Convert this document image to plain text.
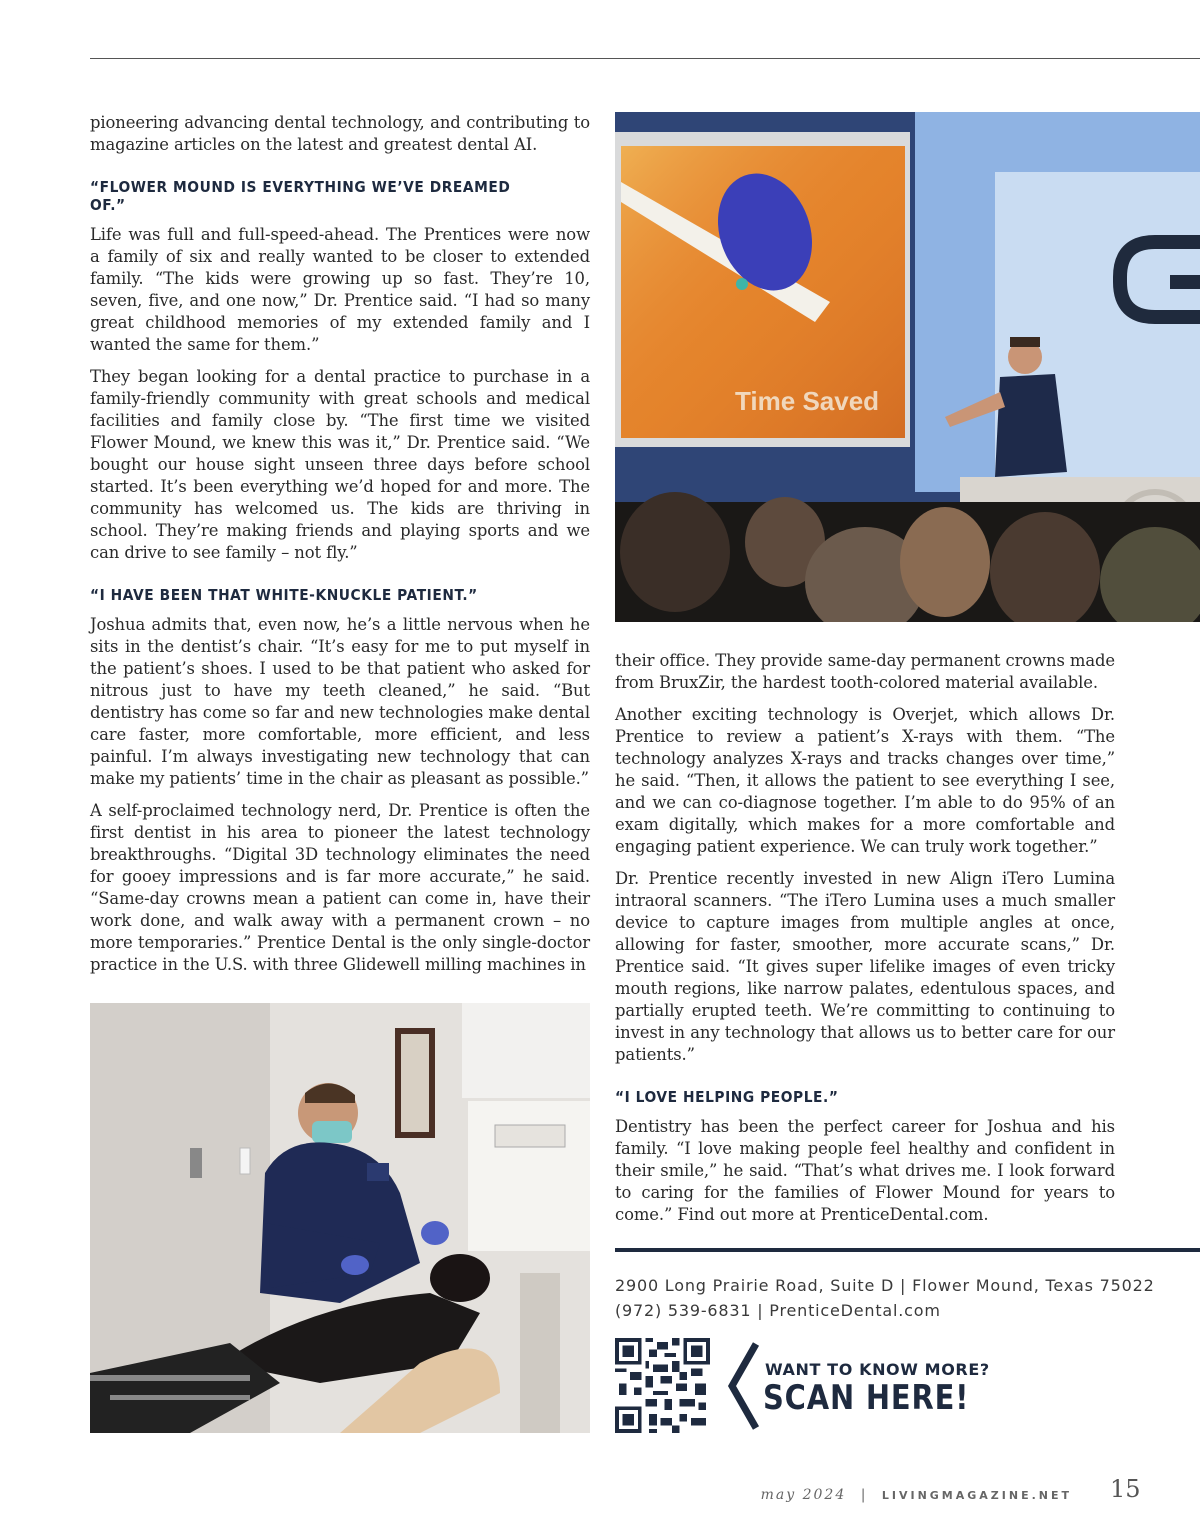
pioneering advancing dental technology, and contributing to magazine articles on the latest and greatest dental AI.

“FLOWER MOUND IS EVERYTHING WE’VE DREAMED OF.”

Life was full and full-speed-ahead. The Prentices were now a family of six and really wanted to be closer to extended family. “The kids were growing up so fast. They’re 10, seven, five, and one now,” Dr. Prentice said. “I had so many great childhood memories of my extended family and I wanted the same for them.”

They began looking for a dental practice to purchase in a family-friendly community with great schools and medical facilities and family close by. “The first time we visited Flower Mound, we knew this was it,” Dr. Prentice said. “We bought our house sight unseen three days before school started. It’s been everything we’d hoped for and more. The community has welcomed us. The kids are thriving in school. They’re making friends and playing sports and we can drive to see family – not fly.”

“I HAVE BEEN THAT WHITE-KNUCKLE PATIENT.”

Joshua admits that, even now, he’s a little nervous when he sits in the dentist’s chair. “It’s easy for me to put myself in the patient’s shoes. I used to be that patient who asked for nitrous just to have my teeth cleaned,” he said. “But dentistry has come so far and new technologies make dental care faster, more comfortable, more efficient, and less painful. I’m always investigating new technology that can make my patients’ time in the chair as pleasant as possible.”

A self-proclaimed technology nerd, Dr. Prentice is often the first dentist in his area to pioneer the latest technology breakthroughs. “Digital 3D technology eliminates the need for gooey impressions and is far more accurate,” he said. “Same-day crowns mean a patient can come in, have their work done, and walk away with a permanent crown – no more temporaries.” Prentice Dental is the only single-doctor practice in the U.S. with three Glidewell milling machines in

Time Saved

their office. They provide same-day permanent crowns made from BruxZir, the hardest tooth-colored material available.

Another exciting technology is Overjet, which allows Dr. Prentice to review a patient’s X-rays with them. “The technology analyzes X-rays and tracks changes over time,” he said. “Then, it allows the patient to see everything I see, and we can co-diagnose together. I’m able to do 95% of an exam digitally, which makes for a more comfortable and engaging patient experience. We can truly work together.”

Dr. Prentice recently invested in new Align iTero Lumina intraoral scanners. “The iTero Lumina uses a much smaller device to capture images from multiple angles at once, allowing for faster, smoother, more accurate scans,” Dr. Prentice said. “It gives super lifelike images of even tricky mouth regions, like narrow palates, edentulous spaces, and partially erupted teeth. We’re committing to continuing to invest in any technology that allows us to better care for our patients.”

“I LOVE HELPING PEOPLE.”

Dentistry has been the perfect career for Joshua and his family. “I love making people feel healthy and confident in their smile,” he said. “That’s what drives me. I look forward to caring for the families of Flower Mound for years to come.” Find out more at PrenticeDental.com.

2900 Long Prairie Road, Suite D | Flower Mound, Texas 75022
(972) 539-6831 | PrenticeDental.com
WANT TO KNOW MORE?
SCAN HERE!
may 2024 | LIVINGMAGAZINE.NET 15
